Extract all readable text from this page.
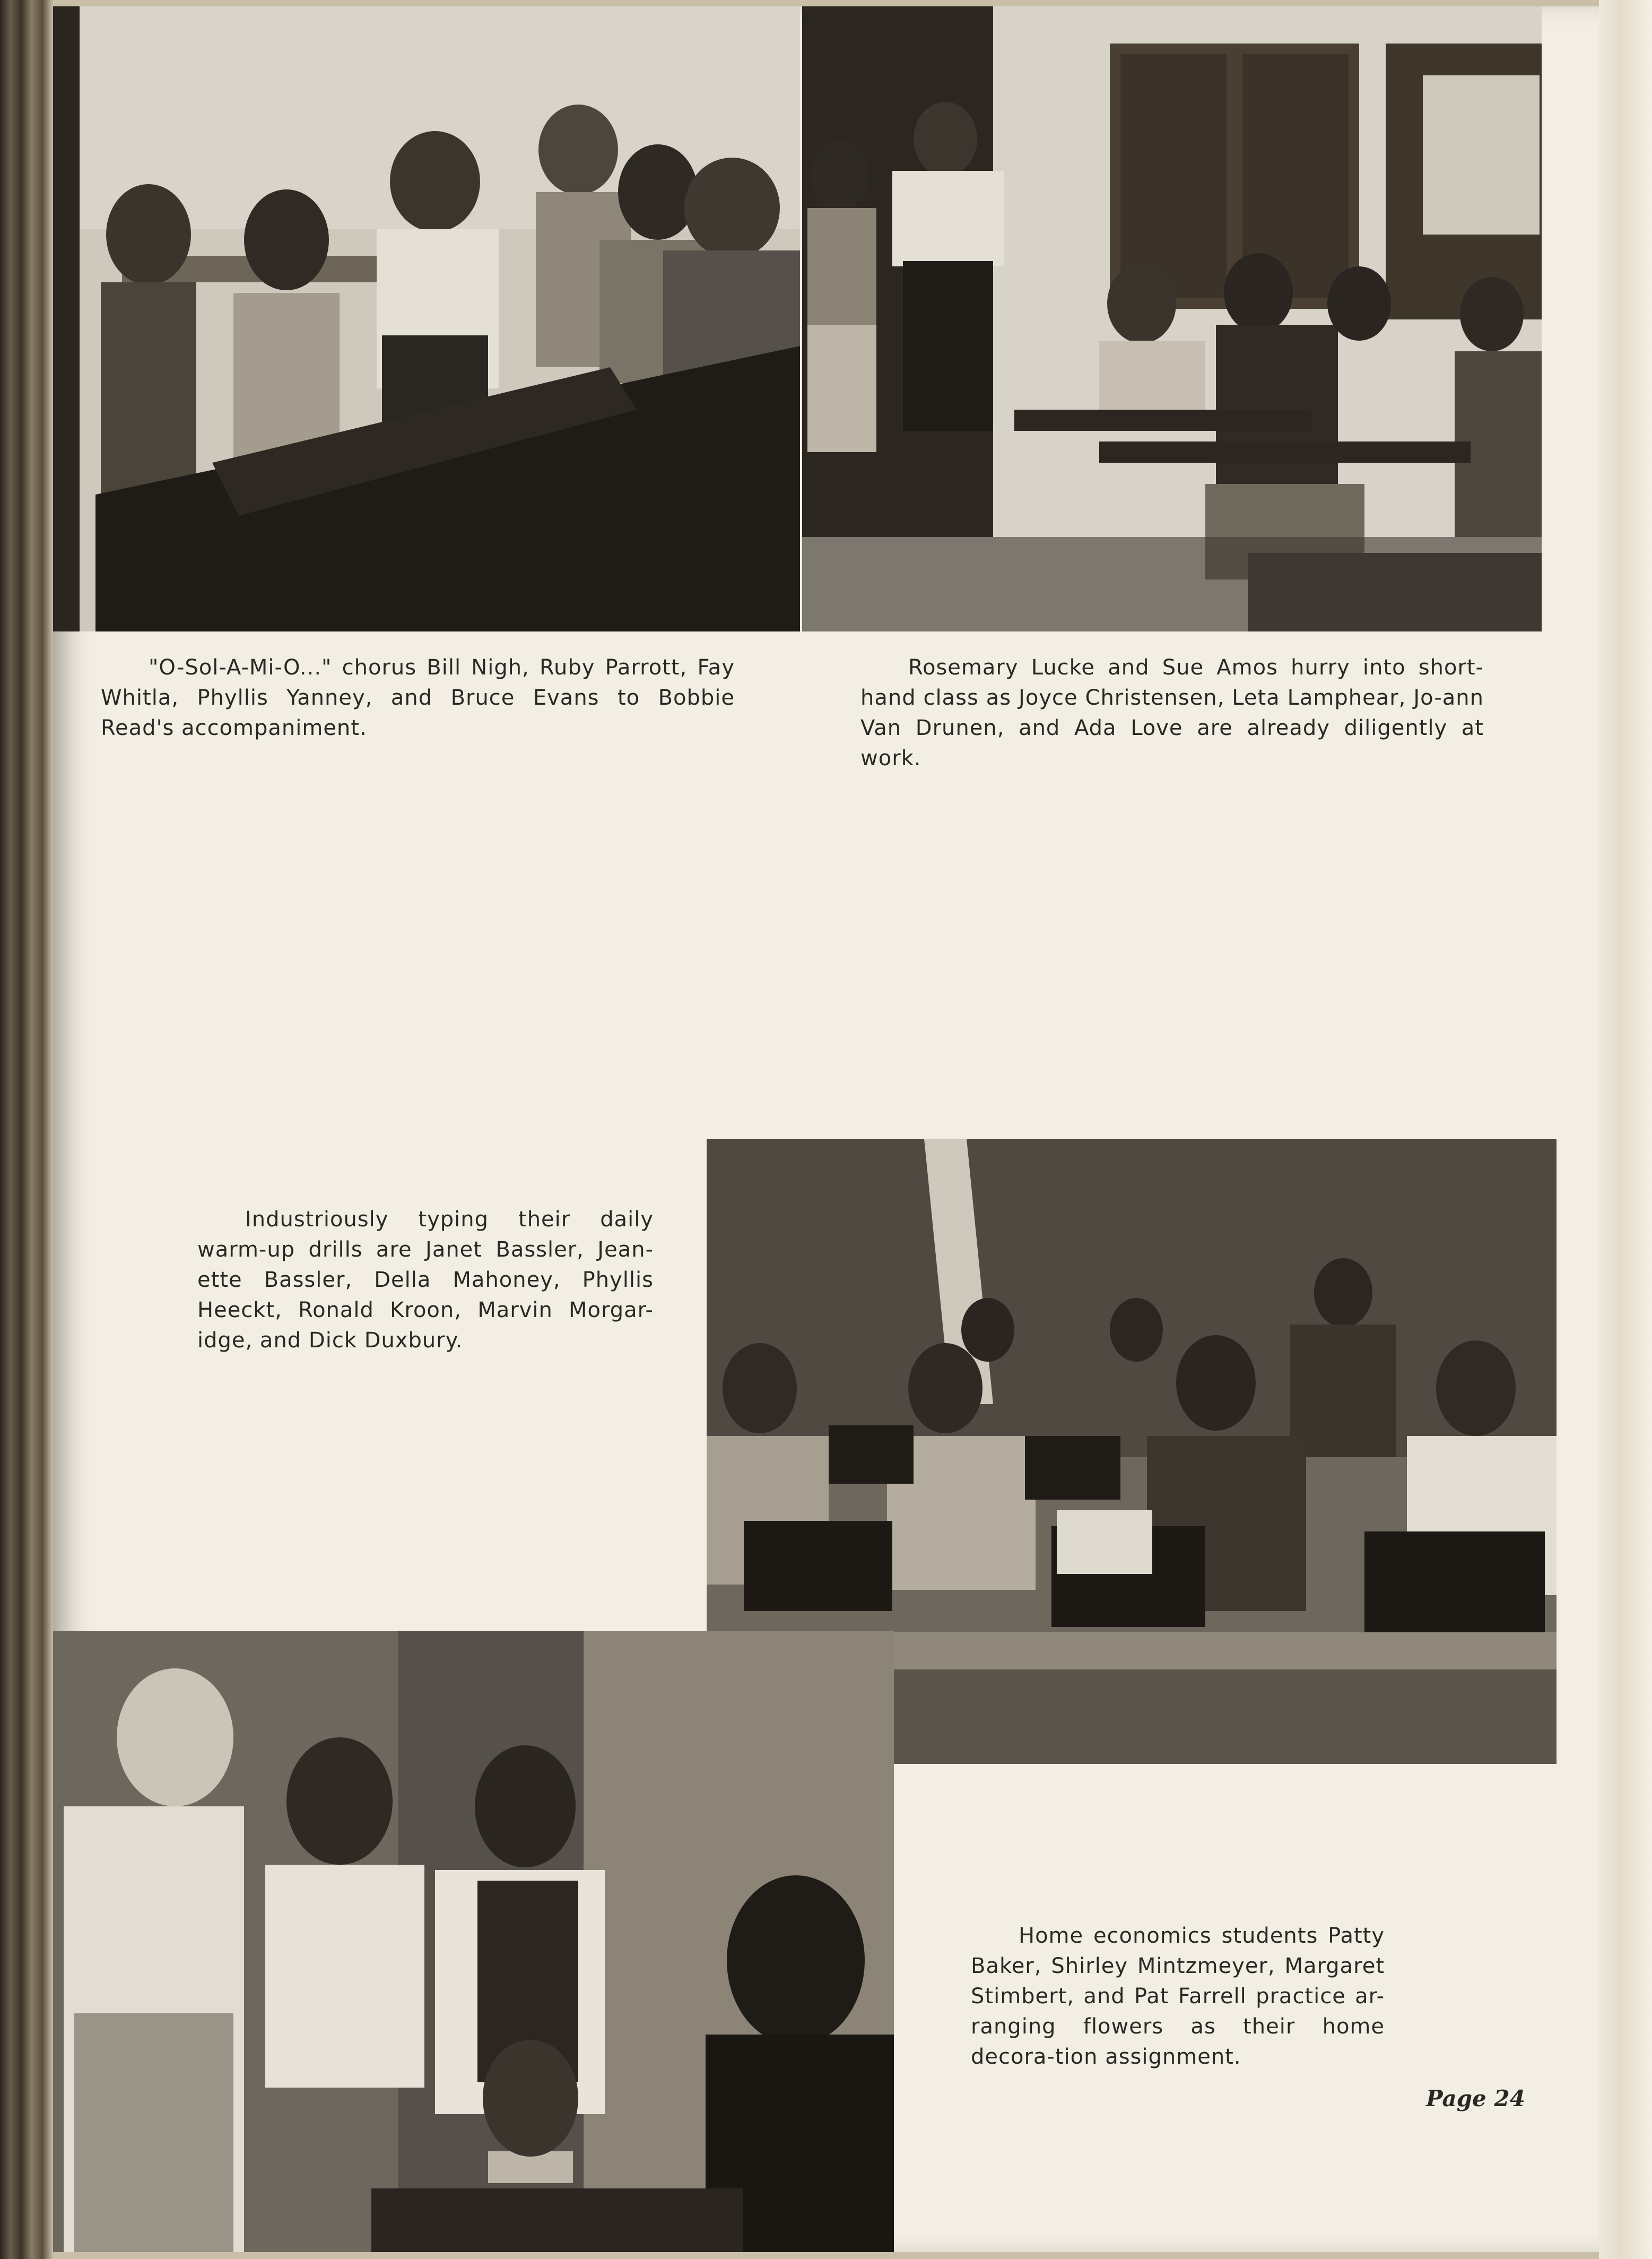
"O-Sol-A-Mi-O..." chorus Bill Nigh, Ruby Parrott, Fay Whitla, Phyllis Yanney, and Bruce Evans to Bobbie Read's accompaniment.

Rosemary Lucke and Sue Amos hurry into short-hand class as Joyce Christensen, Leta Lamphear, Jo-ann Van Drunen, and Ada Love are already diligently at work.

Industriously typing their daily warm-up drills are Janet Bassler, Jean-ette Bassler, Della Mahoney, Phyllis Heeckt, Ronald Kroon, Marvin Morgar-idge, and Dick Duxbury.

Home economics students Patty Baker, Shirley Mintzmeyer, Margaret Stimbert, and Pat Farrell practice ar-ranging flowers as their home decora-tion assignment.

Page 24
